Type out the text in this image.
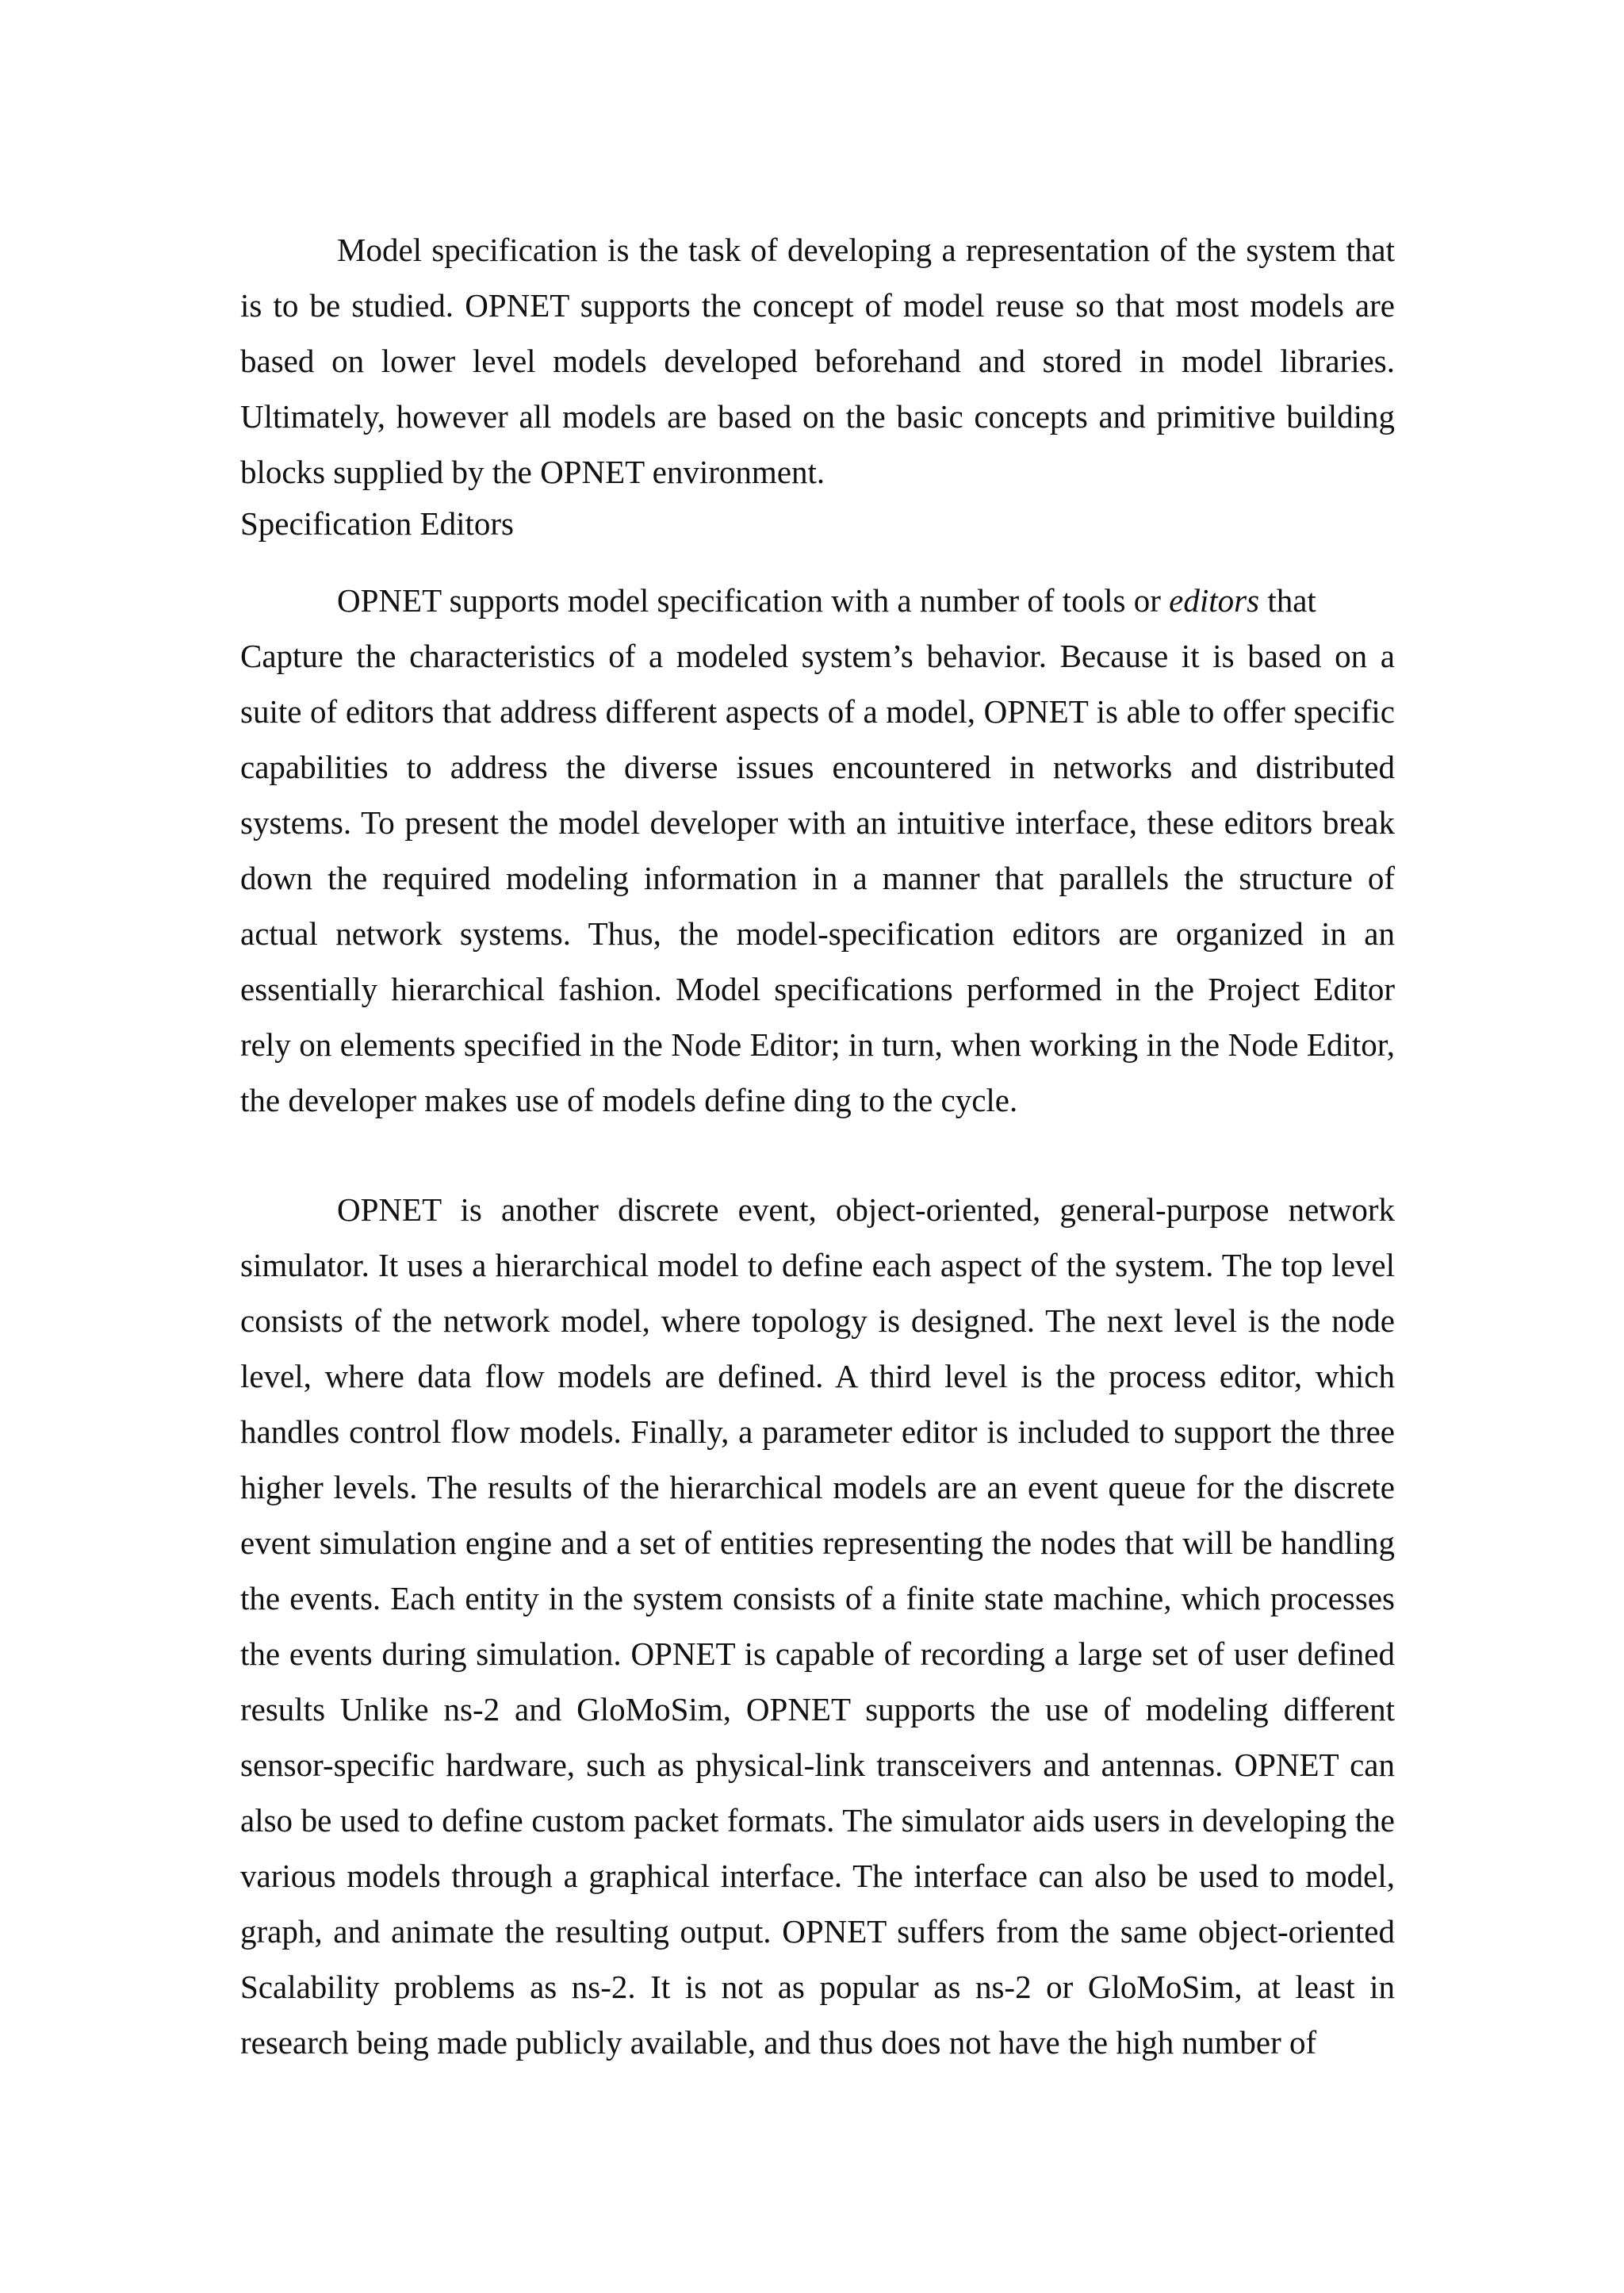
Model specification is the task of developing a representation of the system that is to be studied. OPNET supports the concept of model reuse so that most models are based on lower level models developed beforehand and stored in model libraries. Ultimately, however all models are based on the basic concepts and primitive building blocks supplied by the OPNET environment.

Specification Editors

OPNET supports model specification with a number of tools or editors that

Capture the characteristics of a modeled system’s behavior. Because it is based on a suite of editors that address different aspects of a model, OPNET is able to offer specific capabilities to address the diverse issues encountered in networks and distributed systems. To present the model developer with an intuitive interface, these editors break down the required modeling information in a manner that parallels the structure of actual network systems. Thus, the model-specification editors are organized in an essentially hierarchical fashion. Model specifications performed in the Project Editor rely on elements specified in the Node Editor; in turn, when working in the Node Editor, the developer makes use of models define ding to the cycle.

OPNET is another discrete event, object-oriented, general-purpose network simulator. It uses a hierarchical model to define each aspect of the system. The top level consists of the network model, where topology is designed. The next level is the node level, where data flow models are defined. A third level is the process editor, which handles control flow models. Finally, a parameter editor is included to support the three higher levels. The results of the hierarchical models are an event queue for the discrete event simulation engine and a set of entities representing the nodes that will be handling the events. Each entity in the system consists of a finite state machine, which processes the events during simulation. OPNET is capable of recording a large set of user defined results Unlike ns-2 and GloMoSim, OPNET supports the use of modeling different sensor-specific hardware, such as physical-link transceivers and antennas. OPNET can also be used to define custom packet formats. The simulator aids users in developing the various models through a graphical interface. The interface can also be used to model, graph, and animate the resulting output. OPNET suffers from the same object-oriented Scalability problems as ns-2. It is not as popular as ns-2 or GloMoSim, at least in research being made publicly available, and thus does not have the high number of
